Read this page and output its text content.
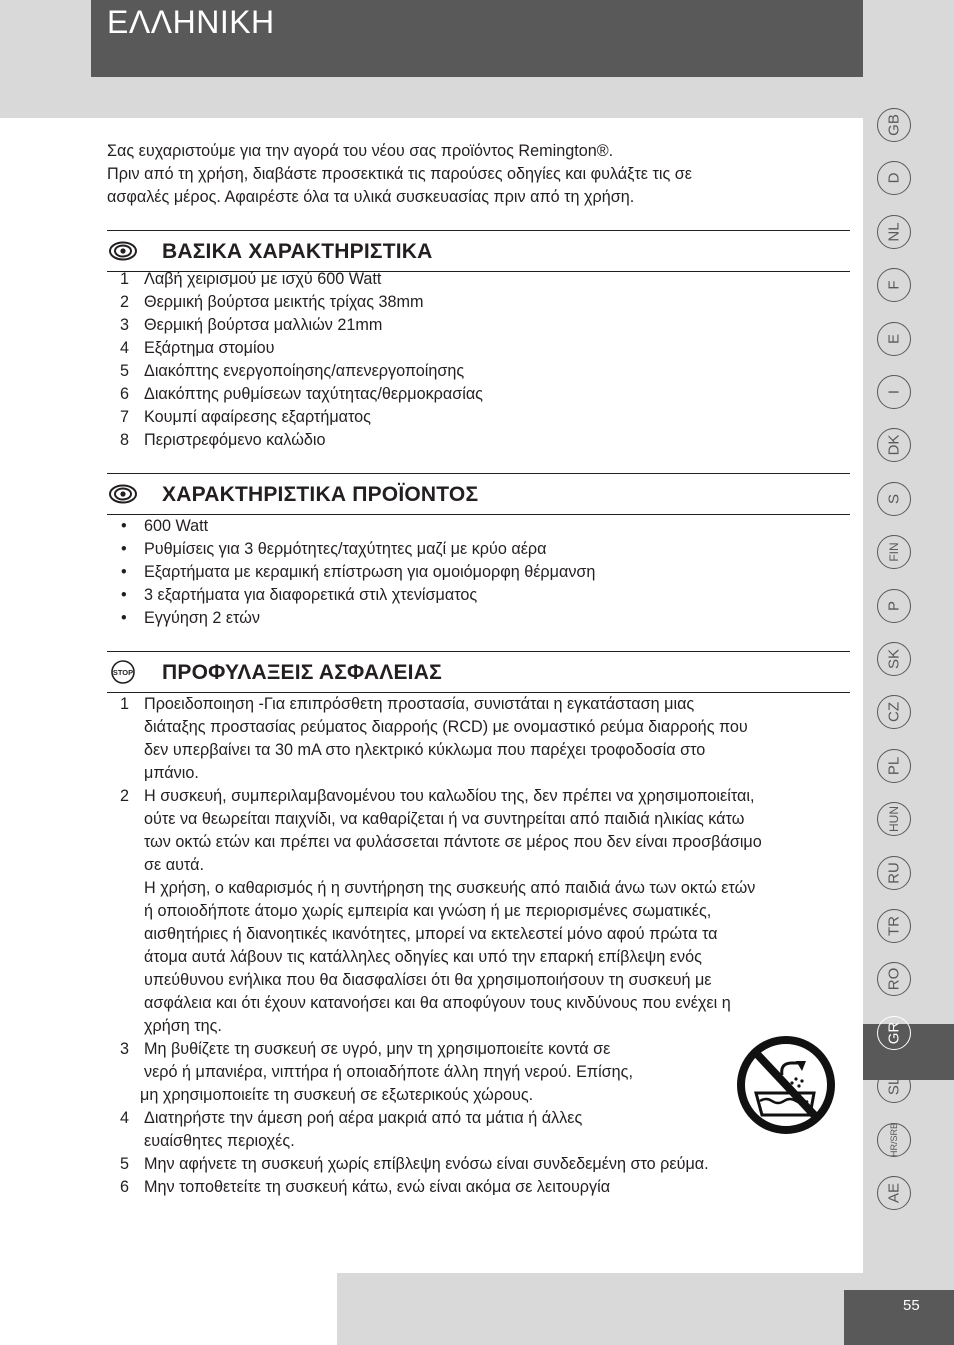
ΕΛΛΗΝΙΚΗ

Σας ευχαριστούμε για την αγορά του νέου σας προϊόντος Remington®.

Πριν από τη χρήση, διαβάστε προσεκτικά τις παρούσες οδηγίες και φυλάξτε τις σε

ασφαλές μέρος. Αφαιρέστε όλα τα υλικά συσκευασίας πριν από τη χρήση.

ΒΑΣΙΚΑ ΧΑΡΑΚΤΗΡΙΣΤΙΚΑ
1 Λαβή χειρισμού με ισχύ 600 Watt
2 Θερμική βούρτσα μεικτής τρίχας 38mm
3 Θερμική βούρτσα μαλλιών 21mm
4 Εξάρτημα στομίου
5 Διακόπτης ενεργοποίησης/απενεργοποίησης
6 Διακόπτης ρυθμίσεων ταχύτητας/θερμοκρασίας
7 Κουμπί αφαίρεσης εξαρτήματος
8 Περιστρεφόμενο καλώδιο
ΧΑΡΑΚΤΗΡΙΣΤΙΚΑ ΠΡΟΪΟΝΤΟΣ
• 600 Watt
• Ρυθμίσεις για 3 θερμότητες/ταχύτητες μαζί με κρύο αέρα
• Εξαρτήματα με κεραμική επίστρωση για ομοιόμορφη θέρμανση
• 3 εξαρτήματα για διαφορετικά στιλ χτενίσματος
• Εγγύηση 2 ετών
STOP ΠΡΟΦΥΛΑΞΕΙΣ ΑΣΦΑΛΕΙΑΣ
1 Προειδοποιηση -Για επιπρόσθετη προστασία, συνιστάται η εγκατάσταση μιας
διάταξης προστασίας ρεύματος διαρροής (RCD) με ονομαστικό ρεύμα διαρροής που
δεν υπερβαίνει τα 30 mA στο ηλεκτρικό κύκλωμα που παρέχει τροφοδοσία στο
μπάνιο.
2 Η συσκευή, συμπεριλαμβανομένου του καλωδίου της, δεν πρέπει να χρησιμοποιείται,
ούτε να θεωρείται παιχνίδι, να καθαρίζεται ή να συντηρείται από παιδιά ηλικίας κάτω
των οκτώ ετών και πρέπει να φυλάσσεται πάντοτε σε μέρος που δεν είναι προσβάσιμο
σε αυτά.
Η χρήση, ο καθαρισμός ή η συντήρηση της συσκευής από παιδιά άνω των οκτώ ετών
ή οποιοδήποτε άτομο χωρίς εμπειρία και γνώση ή με περιορισμένες σωματικές,
αισθητήριες ή διανοητικές ικανότητες, μπορεί να εκτελεστεί μόνο αφού πρώτα τα
άτομα αυτά λάβουν τις κατάλληλες οδηγίες και υπό την επαρκή επίβλεψη ενός
υπεύθυνου ενήλικα που θα διασφαλίσει ότι θα χρησιμοποιήσουν τη συσκευή με
ασφάλεια και ότι έχουν κατανοήσει και θα αποφύγουν τους κινδύνους που ενέχει η
χρήση της.
3 Μη βυθίζετε τη συσκευή σε υγρό, μην τη χρησιμοποιείτε κοντά σε
νερό ή μπανιέρα, νιπτήρα ή οποιαδήποτε άλλη πηγή νερού. Επίσης,
μη χρησιμοποιείτε τη συσκευή σε εξωτερικούς χώρους.
4 Διατηρήστε την άμεση ροή αέρα μακριά από τα μάτια ή άλλες
ευαίσθητες περιοχές.
5 Μην αφήνετε τη συσκευή χωρίς επίβλεψη ενόσω είναι συνδεδεμένη στο ρεύμα.
6 Μην τοποθετείτε τη συσκευή κάτω, ενώ είναι ακόμα σε λειτουργία
GB
D
NL
F
E
I
DK
S
FIN
P
SK
CZ
PL
HUN
RU
TR
RO
GR
SL
HR/SRB
AE
55
